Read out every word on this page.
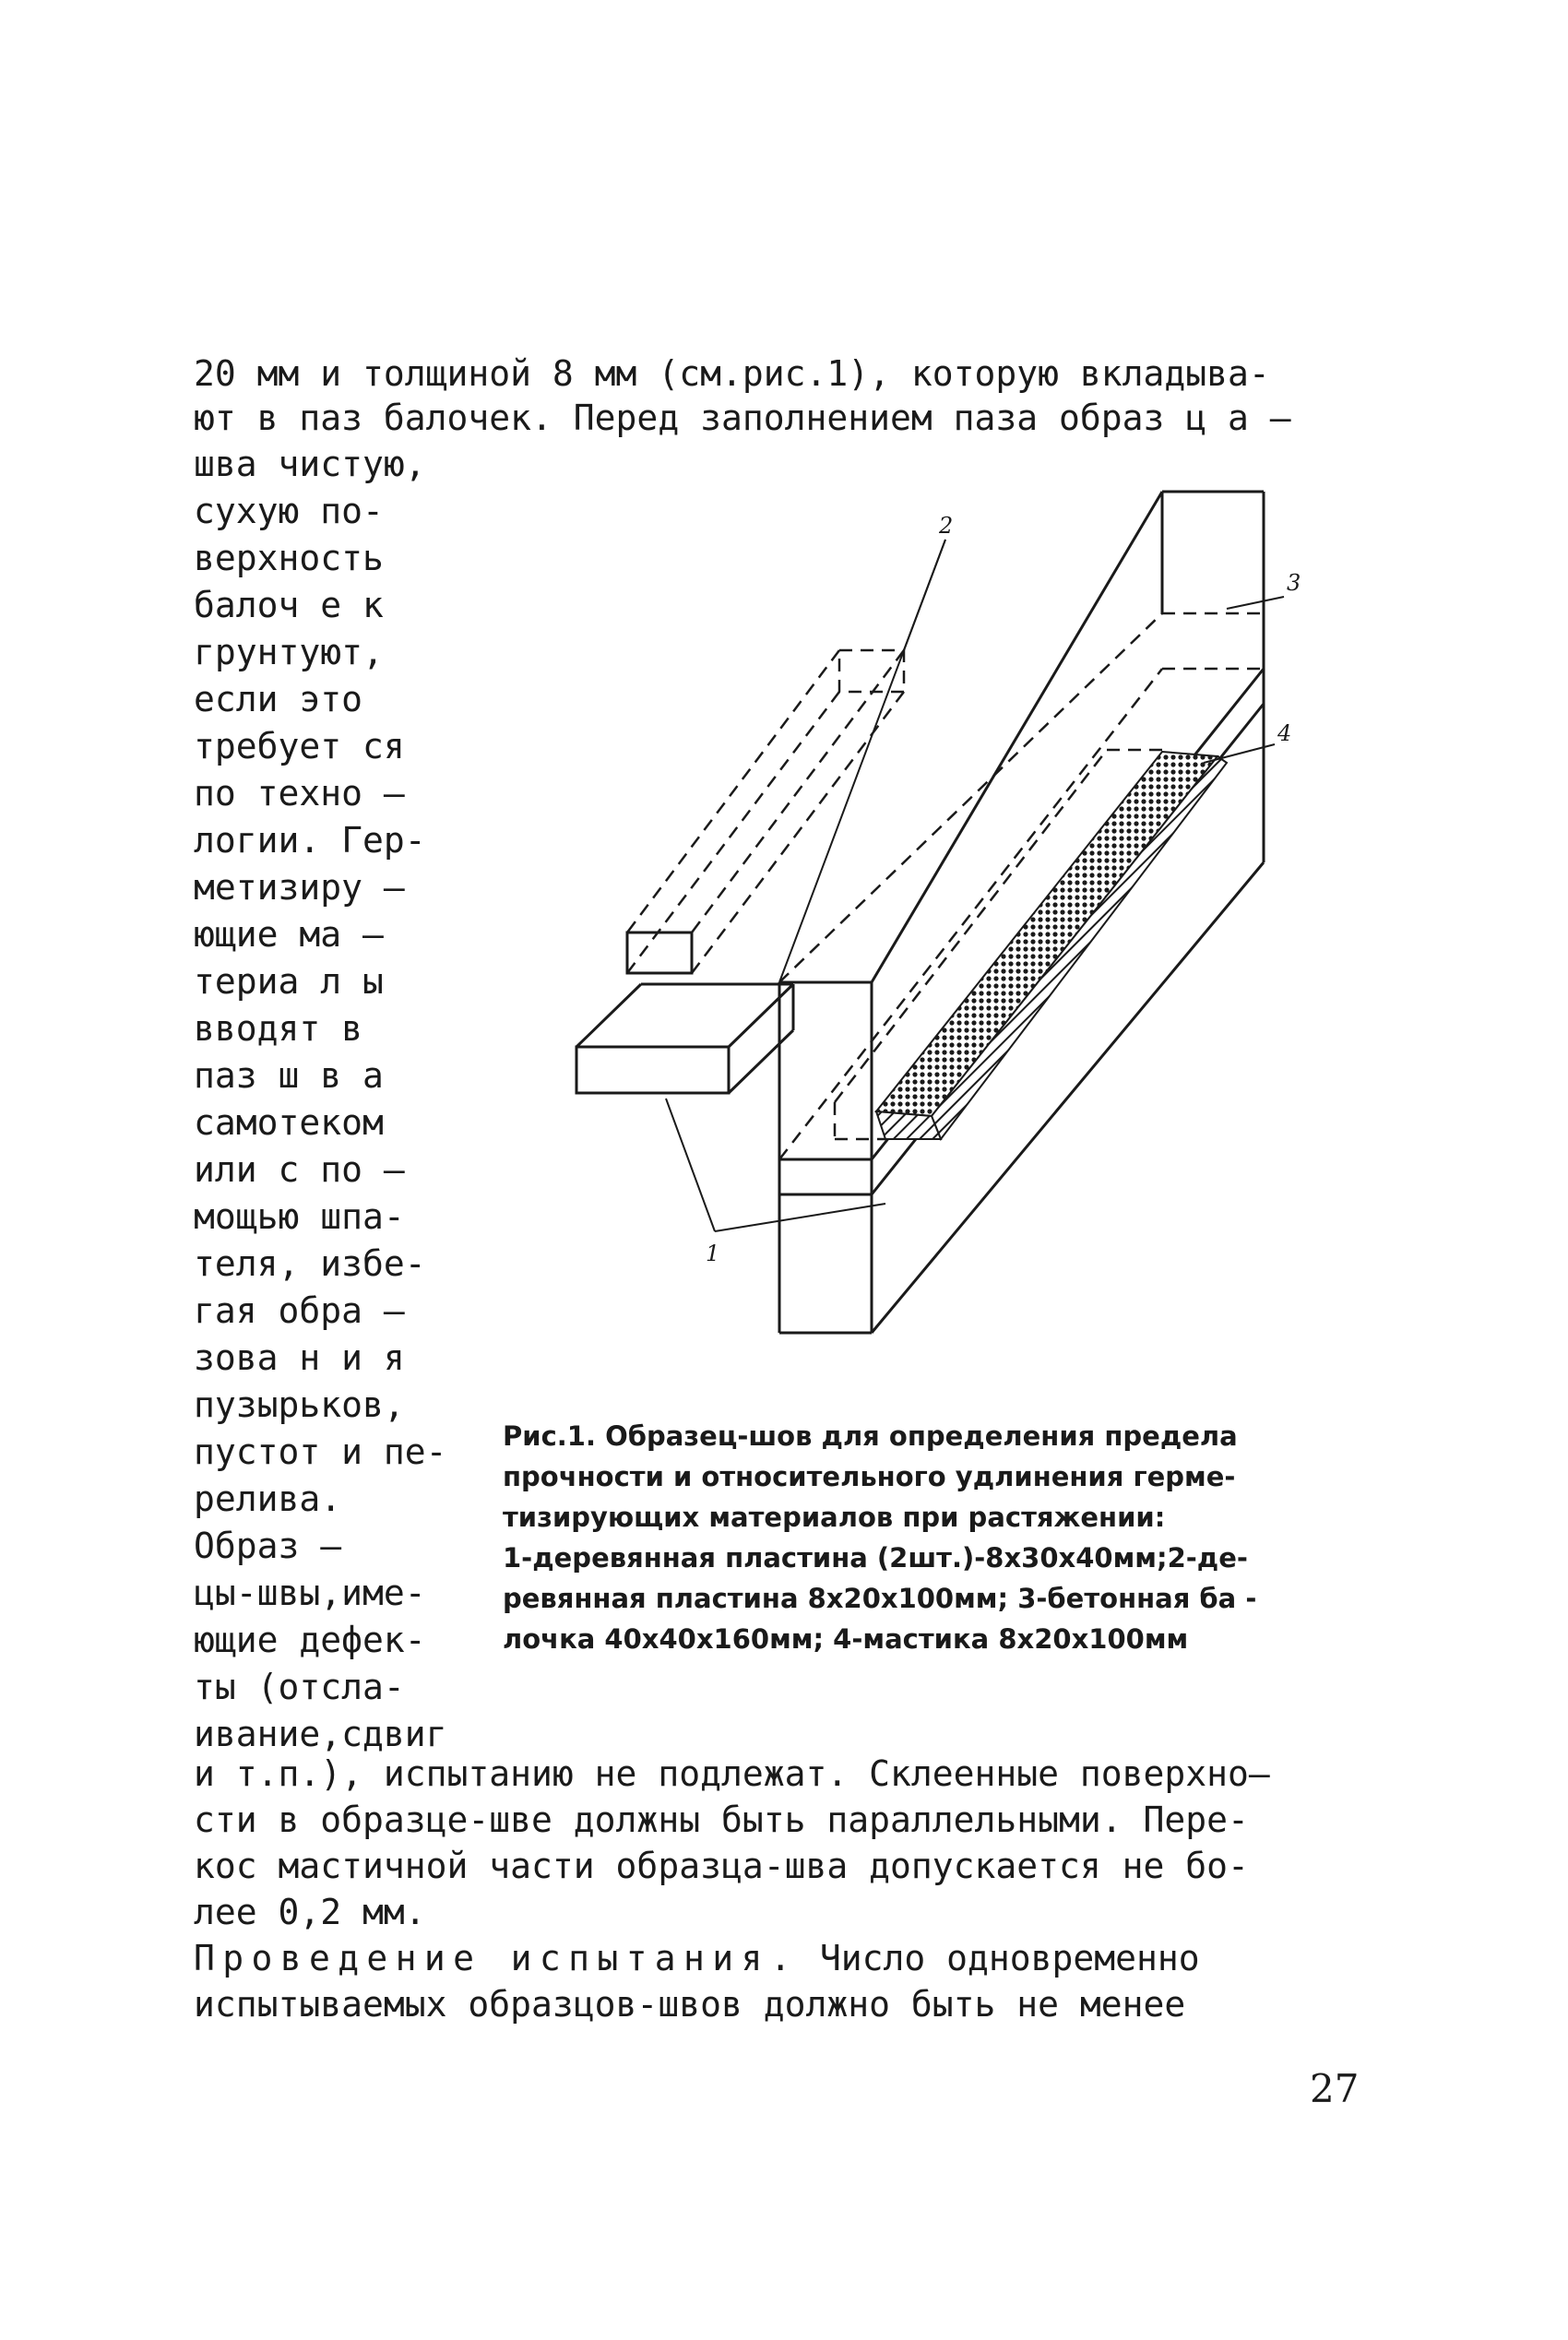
20 мм и толщиной 8 мм (см.рис.1), которую вкладыва-
ют в паз балочек. Перед заполнением паза образ ц а –
шва чистую,
сухую по-
верхность
балоч е к
грунтуют,
если это
требует ся
по техно –
логии. Гер-
метизиру –
ющие ма –
териа л ы
вводят в
паз ш в а
самотеком
или с по –
мощью шпа-
теля, избе-
гая обра –
зова н и я
пузырьков,
пустот и пе-
релива.
Образ –
цы-швы,име-
ющие дефек-
ты (отсла-
ивание,сдвиг
2
1
3
4
Рис.1. Образец-шов для определения предела
прочности и относительного удлинения герме-
тизирующих материалов при растяжении:
1-деревянная пластина (2шт.)-8х30х40мм;2-де-
ревянная пластина 8х20х100мм; 3-бетонная ба -
лочка 40х40х160мм; 4-мастика 8х20х100мм
и т.п.), испытанию не подлежат. Склеенные поверхно–
сти в образце-шве должны быть параллельными. Пере-
кос мастичной части образца-шва допускается не бо-
лее 0,2 мм.
Проведение испытания. Число одновременно
испытываемых образцов-швов должно быть не менее
27
